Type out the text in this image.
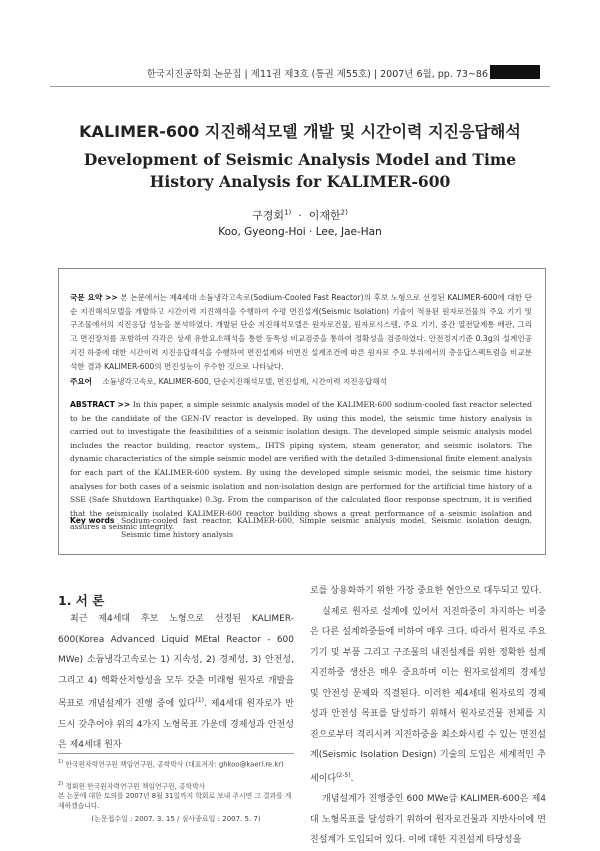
한국지진공학회 논문집 | 제11권 제3호 (통권 제55호) | 2007년 6월, pp. 73~86
KALIMER-600 지진해석모델 개발 및 시간이력 지진응답해석
Development of Seismic Analysis Model and Time History Analysis for KALIMER-600
구경회$^{1)}$  ·  이재한$^{2)}$
Koo, Gyeong-Hoi · Lee, Jae-Han
국문 요약 >> 본 논문에서는 제4세대 소듐냉각고속로(Sodium-Cooled Fast Reactor)의 후보 노형으로 선정된 KALIMER-600에 대한 단순 지진해석모델을 개발하고 시간이력 지진해석을 수행하여 수평 면진설계(Seismic Isolation) 기술이 적용된 원자로건물의 주요 기기 및 구조물에서의 지진응답 성능을 분석하였다. 개발된 단순 지진해석모델은 원자로건물, 원자로시스템, 주요 기기, 중간 열전달계통 배관, 그리고 면진장치를 포함하여 각각은 상세 유한요소해석을 통한 동특성 비교검증을 통하여 정확성을 검증하였다. 안전정지기준 0.3g의 설계인공지진 하중에 대한 시간이력 지진응답해석을 수행하여 면진설계와 비면진 설계조건에 따른 원자로 주요 부위에서의 층응답스펙트럼을 비교분석한 결과 KALIMER-600의 면진성능이 우수한 것으로 나타났다.
주요어 소듐냉각고속로, KALIMER-600, 단순지진해석모델, 면진설계, 시간이력 지진응답해석
ABSTRACT >> In this paper, a simple seismic analysis model of the KALIMER-600 sodium-cooled fast reactor selected to be the candidate of the GEN-IV reactor is developed. By using this model, the seismic time history analysis is carried out to investigate the feasibilities of a seismic isolation design. The developed simple seismic analysis model includes the reactor building, reactor system,, IHTS piping system, steam generator, and seismic isolators. The dynamic characteristics of the simple seismic model are verified with the detailed 3-dimensional finite element analysis for each part of the KALIMER-600 system. By using the developed simple seismic model, the seismic time history analyses for both cases of a seismic isolation and non-isolation design are performed for the artificial time history of a SSE (Safe Shutdown Earthquake) 0.3g. From the comparison of the calculated floor response spectrum, it is verified that the seismically isolated KALIMER-600 reactor building shows a great performance of a seismic isolation and assures a seismic integrity.
Key words Sodium-cooled fast reactor, KALIMER-600, Simple seismic analysis model, Seismic isolation design, Seismic time history analysis
1. 서 론
최근 제4세대 후보 노형으로 선정된 KALIMER-600(Korea Advanced Liquid MEtal Reactor - 600 MWe) 소듐냉각고속로는 1) 지속성, 2) 경제성, 3) 안전성, 그리고 4) 핵확산저항성을 모두 갖춘 미래형 원자로 개발을 목표로 개념설계가 진행 중에 있다$^{(1)}$. 제4세대 원자로가 반드시 갖추어야 위의 4가지 노형목표 가운데 경제성과 안전성은 제4세대 원자
$^{1)}$ 한국원자력연구원 책임연구원, 공학박사 (대표저자: ghkoo@kaeri.re.kr)
$^{2)}$ 정회원·한국원자력연구원 책임연구원, 공학박사
본 논문에 대한 토의를 2007년 8월 31일까지 학회로 보내 주시면 그 결과를 게재하겠습니다.
(논문접수일 : 2007. 3. 15 / 심사종료일 : 2007. 5. 7)
로를 상용화하기 위한 가장 중요한 현안으로 대두되고 있다.
실제로 원자로 설계에 있어서 지진하중이 차지하는 비중은 다른 설계하중들에 비하여 매우 크다. 따라서 원자로 주요 기기 및 부품 그리고 구조물의 내진설계를 위한 정확한 설계지진하중 생산은 매우 중요하며 이는 원자로설계의 경제성 및 안전성 문제와 직결된다. 이러한 제4세대 원자로의 경제성과 안전성 목표를 달성하기 위해서 원자로건물 전체를 지진으로부터 격리시켜 지진하중을 최소화시킬 수 있는 면진설계(Seismic Isolation Design) 기술의 도입은 세계적인 추세이다$^{(2-5)}$.
개념설계가 진행중인 600 MWe급 KALIMER-600은 제4대 노형목표를 달성하기 위하여 원자로건물과 지반사이에 면진설계가 도입되어 있다. 이에 대한 지진설계 타당성을
